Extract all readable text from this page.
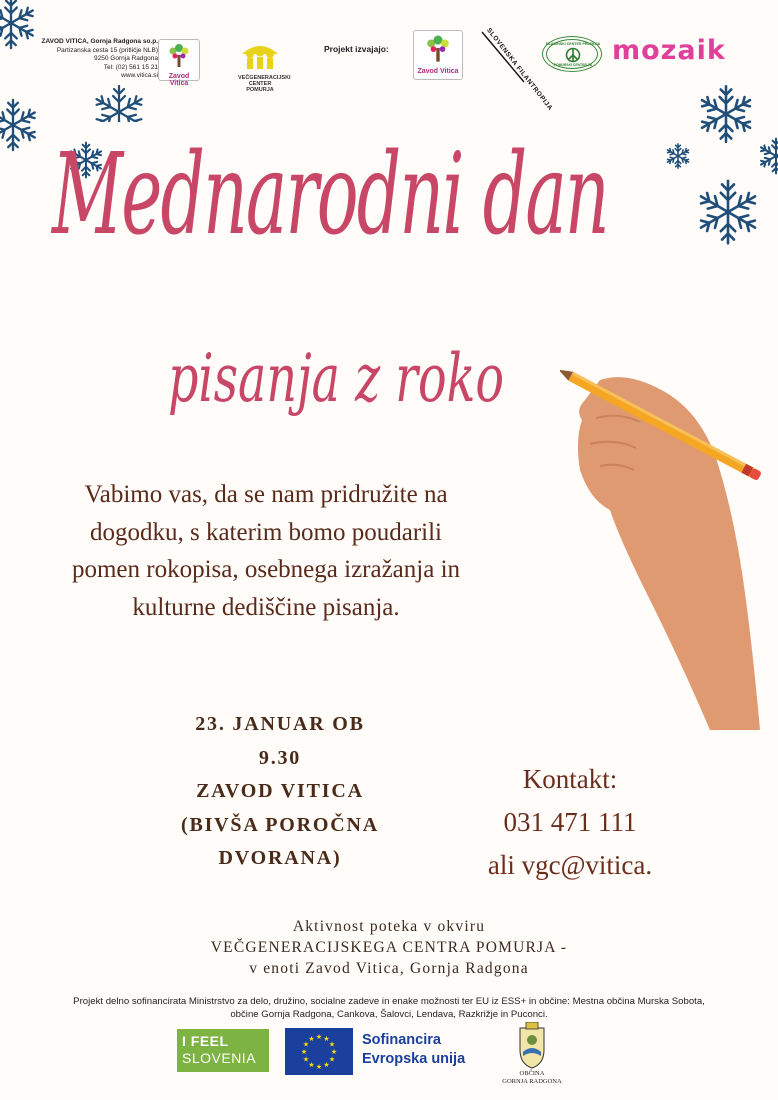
ZAVOD VITICA, Gornja Radgona so.p.
Partizanska cesta 15 (pritličje NLB)
9250 Gornja Radgona
Tel: (02) 561 15 21
www.vitica.si	Zavod Vitica
VEČGENERACIJSKI CENTER POMURJA
Projekt izvajajo:
Zavod Vitica	SLOVENSKA FILANTROPIJA
MLADINSKI CENTER PRLEKIJA
POMURSKI CENTER ZA mozaik
Mednarodni dan
pisanja z roko
Vabimo vas, da se nam pridružite na
dogodku, s katerim bomo poudarili
pomen rokopisa, osebnega izražanja in
kulturne dediščine pisanja.
23. JANUAR OB
9.30
ZAVOD VITICA
(BIVŠA POROČNA
DVORANA)
Kontakt:
031 471 111
ali vgc@vitica.
Aktivnost poteka v okviru
VEČGENERACIJSKEGA CENTRA POMURJA -
v enoti Zavod Vitica, Gornja Radgona
Projekt delno sofinancirata Ministrstvo za delo, družino, socialne zadeve in enake možnosti ter EU iz ESS+ in občine: Mestna občina Murska Sobota,
občine Gornja Radgona, Cankova, Šalovci, Lendava, Razkrižje in Puconci.
I FEEL
SLOVENIA	★
★
★
★
★
★
★
★
★ ★ ★
★ Sofinancira
Evropska unija
OBČINA
GORNJA RADGONA
